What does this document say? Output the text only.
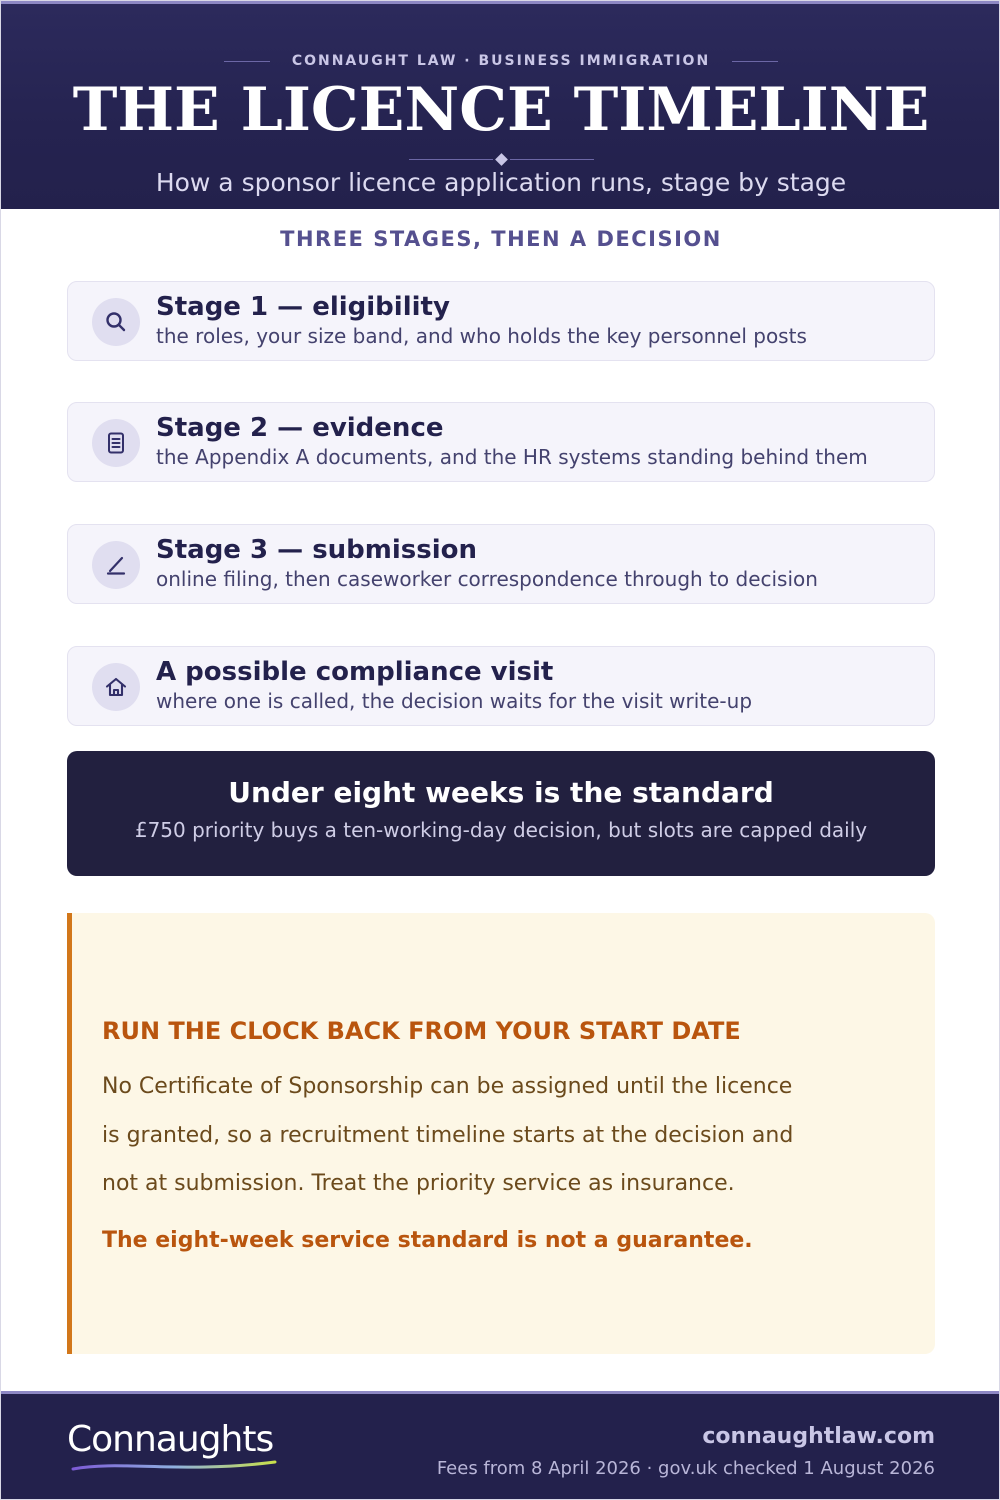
CONNAUGHT LAW · BUSINESS IMMIGRATION
THE LICENCE TIMELINE
How a sponsor licence application runs, stage by stage
THREE STAGES, THEN A DECISION
Stage 1 — eligibility
the roles, your size band, and who holds the key personnel posts
Stage 2 — evidence
the Appendix A documents, and the HR systems standing behind them
Stage 3 — submission
online filing, then caseworker correspondence through to decision
A possible compliance visit
where one is called, the decision waits for the visit write-up
Under eight weeks is the standard
£750 priority buys a ten-working-day decision, but slots are capped daily
RUN THE CLOCK BACK FROM YOUR START DATE
No Certificate of Sponsorship can be assigned until the licence
is granted, so a recruitment timeline starts at the decision and
not at submission. Treat the priority service as insurance.
The eight-week service standard is not a guarantee.
Connaughts	connaughtlaw.com
Fees from 8 April 2026 · gov.uk checked 1 August 2026
